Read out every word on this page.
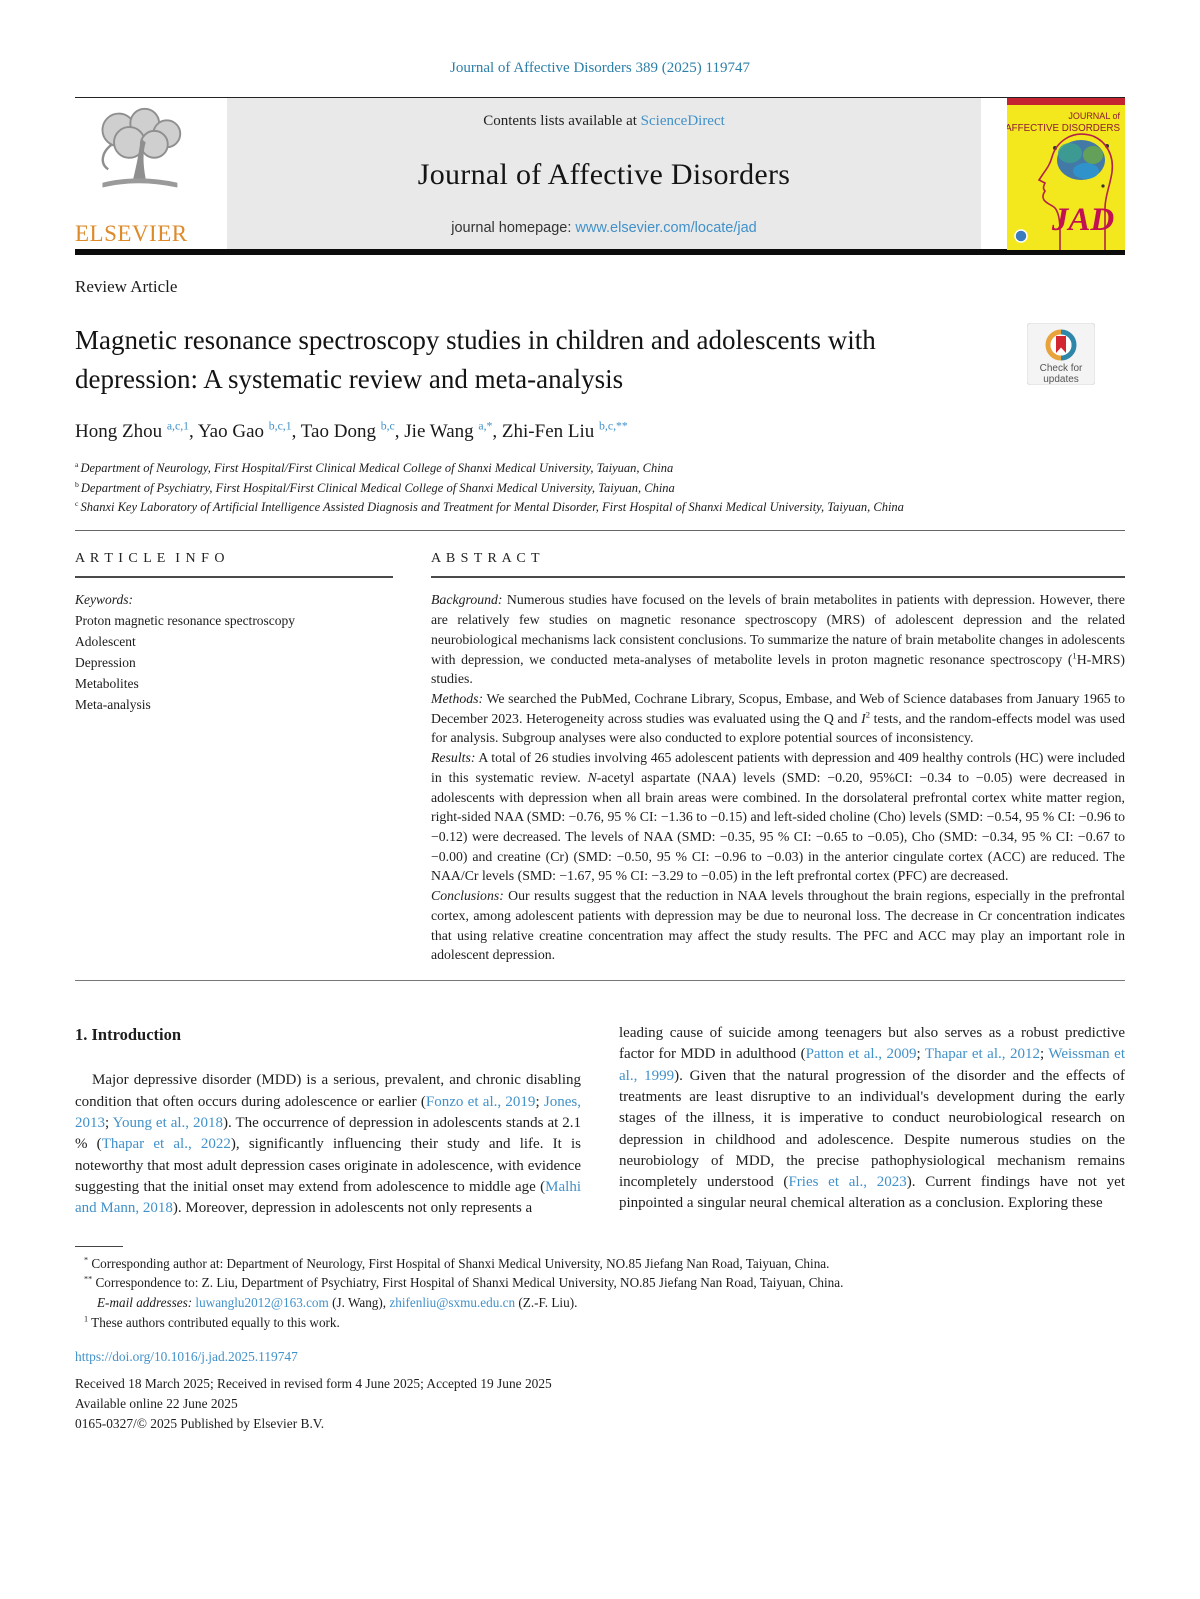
Journal of Affective Disorders 389 (2025) 119747
ELSEVIER
Contents lists available at ScienceDirect
Journal of Affective Disorders
journal homepage: www.elsevier.com/locate/jad
JOURNAL of
AFFECTIVE DISORDERS
JAD
Review Article
Magnetic resonance spectroscopy studies in children and adolescents with depression: A systematic review and meta-analysis	Check for
updates
Hong Zhou $^{a,c,1}$, Yao Gao $^{b,c,1}$, Tao Dong $^{b,c}$, Jie Wang $^{a,*}$, Zhi-Fen Liu $^{b,c,**}$
$^a$ Department of Neurology, First Hospital/First Clinical Medical College of Shanxi Medical University, Taiyuan, China
$^b$ Department of Psychiatry, First Hospital/First Clinical Medical College of Shanxi Medical University, Taiyuan, China
$^c$ Shanxi Key Laboratory of Artificial Intelligence Assisted Diagnosis and Treatment for Mental Disorder, First Hospital of Shanxi Medical University, Taiyuan, China
A R T I C L E  I N F O
Keywords:
Proton magnetic resonance spectroscopy
Adolescent
Depression
Metabolites
Meta-analysis
A B S T R A C T
Background: Numerous studies have focused on the levels of brain metabolites in patients with depression. However, there are relatively few studies on magnetic resonance spectroscopy (MRS) of adolescent depression and the related neurobiological mechanisms lack consistent conclusions. To summarize the nature of brain metabolite changes in adolescents with depression, we conducted meta-analyses of metabolite levels in proton magnetic resonance spectroscopy ($^1$H-MRS) studies.
Methods: We searched the PubMed, Cochrane Library, Scopus, Embase, and Web of Science databases from January 1965 to December 2023. Heterogeneity across studies was evaluated using the Q and $I^2$ tests, and the random-effects model was used for analysis. Subgroup analyses were also conducted to explore potential sources of inconsistency.
Results: A total of 26 studies involving 465 adolescent patients with depression and 409 healthy controls (HC) were included in this systematic review. N-acetyl aspartate (NAA) levels (SMD: −0.20, 95%CI: −0.34 to −0.05) were decreased in adolescents with depression when all brain areas were combined. In the dorsolateral prefrontal cortex white matter region, right-sided NAA (SMD: −0.76, 95 % CI: −1.36 to −0.15) and left-sided choline (Cho) levels (SMD: −0.54, 95 % CI: −0.96 to −0.12) were decreased. The levels of NAA (SMD: −0.35, 95 % CI: −0.65 to −0.05), Cho (SMD: −0.34, 95 % CI: −0.67 to −0.00) and creatine (Cr) (SMD: −0.50, 95 % CI: −0.96 to −0.03) in the anterior cingulate cortex (ACC) are reduced. The NAA/Cr levels (SMD: −1.67, 95 % CI: −3.29 to −0.05) in the left prefrontal cortex (PFC) are decreased.
Conclusions: Our results suggest that the reduction in NAA levels throughout the brain regions, especially in the prefrontal cortex, among adolescent patients with depression may be due to neuronal loss. The decrease in Cr concentration indicates that using relative creatine concentration may affect the study results. The PFC and ACC may play an important role in adolescent depression.
1. Introduction

Major depressive disorder (MDD) is a serious, prevalent, and chronic disabling condition that often occurs during adolescence or earlier (Fonzo et al., 2019; Jones, 2013; Young et al., 2018). The occurrence of depression in adolescents stands at 2.1 % (Thapar et al., 2022), significantly influencing their study and life. It is noteworthy that most adult depression cases originate in adolescence, with evidence suggesting that the initial onset may extend from adolescence to middle age (Malhi and Mann, 2018). Moreover, depression in adolescents not only represents a

leading cause of suicide among teenagers but also serves as a robust predictive factor for MDD in adulthood (Patton et al., 2009; Thapar et al., 2012; Weissman et al., 1999). Given that the natural progression of the disorder and the effects of treatments are least disruptive to an individual's development during the early stages of the illness, it is imperative to conduct neurobiological research on depression in childhood and adolescence. Despite numerous studies on the neurobiology of MDD, the precise pathophysiological mechanism remains incompletely understood (Fries et al., 2023). Current findings have not yet pinpointed a singular neural chemical alteration as a conclusion. Exploring these

* Corresponding author at: Department of Neurology, First Hospital of Shanxi Medical University, NO.85 Jiefang Nan Road, Taiyuan, China.
** Correspondence to: Z. Liu, Department of Psychiatry, First Hospital of Shanxi Medical University, NO.85 Jiefang Nan Road, Taiyuan, China.
E-mail addresses: luwanglu2012@163.com (J. Wang), zhifenliu@sxmu.edu.cn (Z.-F. Liu).
$^1$ These authors contributed equally to this work.
https://doi.org/10.1016/j.jad.2025.119747
Received 18 March 2025; Received in revised form 4 June 2025; Accepted 19 June 2025
Available online 22 June 2025
0165-0327/© 2025 Published by Elsevier B.V.
